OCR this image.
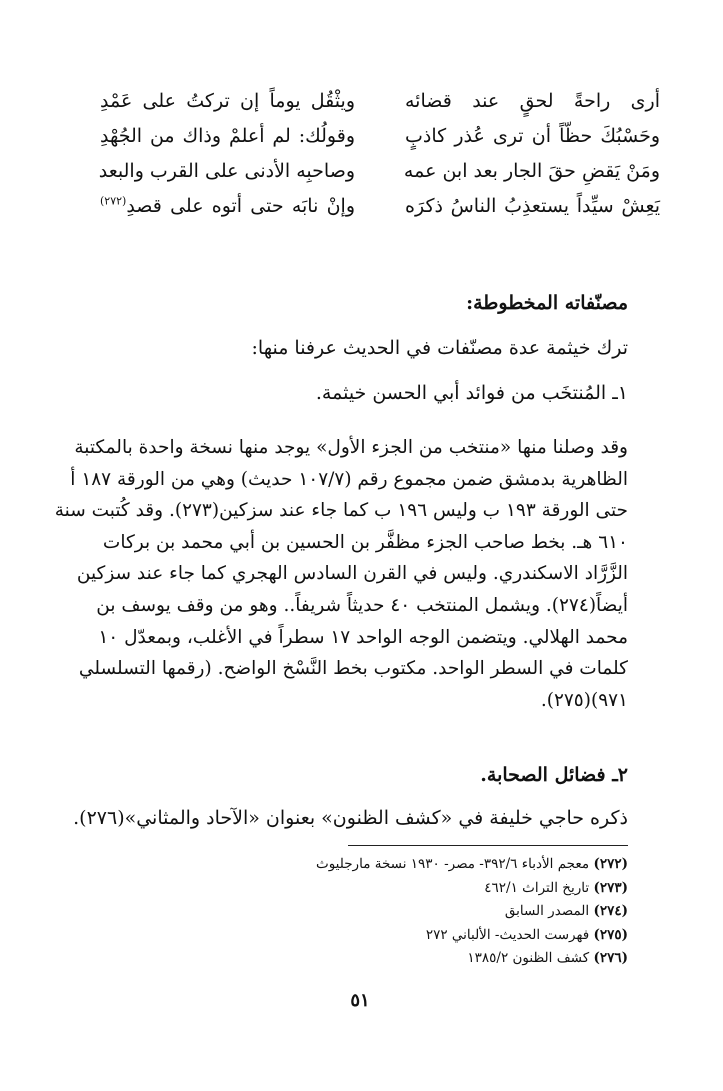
أرى راحةً لحقٍ عند قضائه
ويثْقُل يوماً إن تركتُ على عَمْدِ
وحَسْبُكَ حظّاً أن ترى عُذر كاذبٍ
وقولُك: لم أعلمْ وذاك من الجُهْدِ
ومَنْ يَقضِ حقَ الجار بعد ابن عمه
وصاحبِه الأدنى على القرب والبعد
يَعِشْ سيِّداً يستعذِبُ الناسُ ذكرَه
وإنْ نابَه حتى أتوه على قصدِ$^{(٢٧٢)}$
مصنّفاته المخطوطة:
ترك خيثمة عدة مصنّفات في الحديث عرفنا منها:
١ـ المُنتخَب من فوائد أبي الحسن خيثمة.
وقد وصلنا منها «منتخب من الجزء الأول» يوجد منها نسخة واحدة بالمكتبة
الظاهرية بدمشق ضمن مجموع رقم (١٠٧/٧ حديث) وهي من الورقة ١٨٧ أ
حتى الورقة ١٩٣ ب وليس ١٩٦ ب كما جاء عند سزكين(٢٧٣). وقد كُتبت سنة
٦١٠ هـ. بخط صاحب الجزء مظفَّر بن الحسين بن أبي محمد بن بركات
الزَّرَّاد الاسكندري. وليس في القرن السادس الهجري كما جاء عند سزكين
أيضاً(٢٧٤). ويشمل المنتخب ٤٠ حديثاً شريفاً.. وهو من وقف يوسف بن
محمد الهلالي. ويتضمن الوجه الواحد ١٧ سطراً في الأغلب، وبمعدّل ١٠
كلمات في السطر الواحد. مكتوب بخط النَّسْخ الواضح. (رقمها التسلسلي
٩٧١)(٢٧٥).
٢ـ فضائل الصحابة.
ذكره حاجي خليفة في «كشف الظنون» بعنوان «الآحاد والمثاني»(٢٧٦).
(٢٧٢) معجم الأدباء ٣٩٢/٦- مصر- ١٩٣٠ نسخة مارجليوث
(٢٧٣) تاريخ التراث ٤٦٢/١
(٢٧٤) المصدر السابق
(٢٧٥) فهرست الحديث- الألباني ٢٧٢
(٢٧٦) كشف الظنون ١٣٨٥/٢
٥١
